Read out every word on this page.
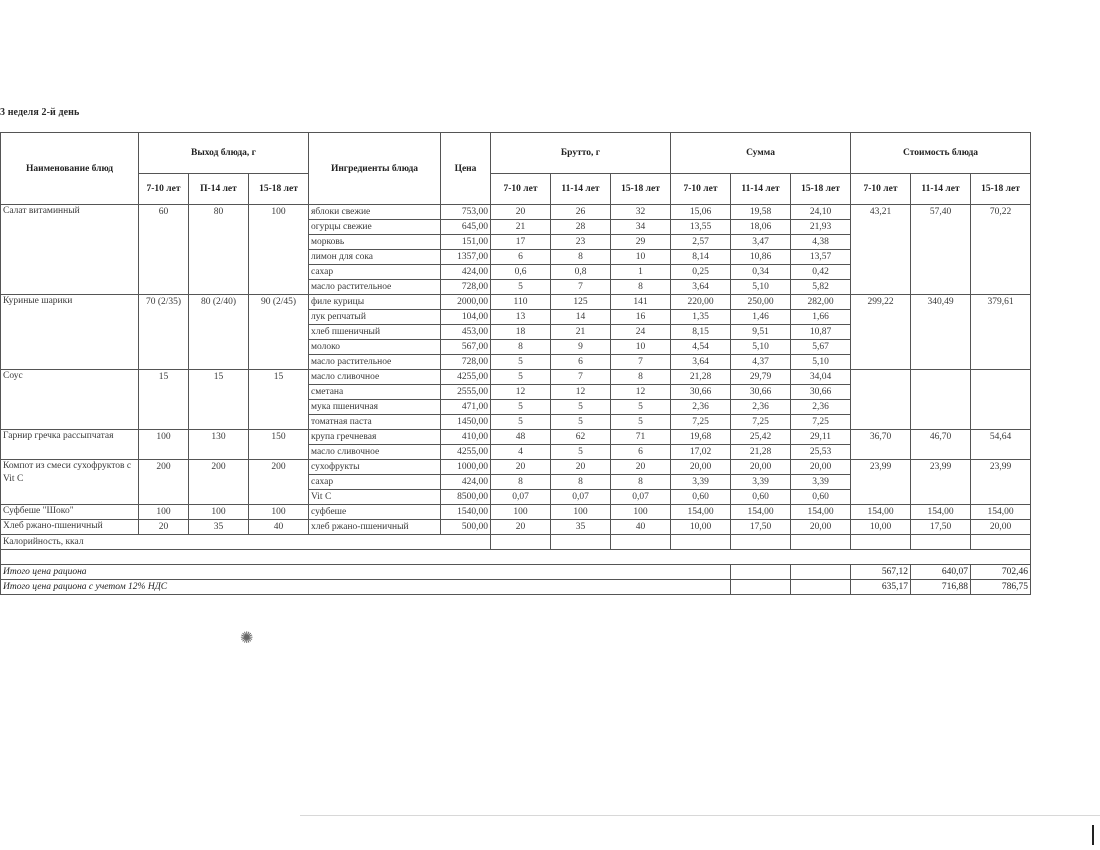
3 неделя 2-й день
Наименование блюд	Выход блюда, г			Ингредиенты блюда	Цена	Брутто, г			Сумма			Стоимость блюда		
	7-10 лет	П-14 лет	15-18 лет			7-10 лет	11-14 лет	15-18 лет	7-10 лет	11-14 лет	15-18 лет	7-10 лет	11-14 лет	15-18 лет
Салат витаминный	60	80	100	яблоки свежие	753,00	20	26	32	15,06	19,58	24,10	43,21	57,40	70,22
				огурцы свежие	645,00	21	28	34	13,55	18,06	21,93			
				морковь	151,00	17	23	29	2,57	3,47	4,38			
				лимон для сока	1357,00	6	8	10	8,14	10,86	13,57			
				сахар	424,00	0,6	0,8	1	0,25	0,34	0,42			
				масло растительное	728,00	5	7	8	3,64	5,10	5,82			
Куриные шарики	70 (2/35)	80 (2/40)	90 (2/45)	филе курицы	2000,00	110	125	141	220,00	250,00	282,00	299,22	340,49	379,61
				лук репчатый	104,00	13	14	16	1,35	1,46	1,66			
				хлеб пшеничный	453,00	18	21	24	8,15	9,51	10,87			
				молоко	567,00	8	9	10	4,54	5,10	5,67			
				масло растительное	728,00	5	6	7	3,64	4,37	5,10			
Соус	15	15	15	масло сливочное	4255,00	5	7	8	21,28	29,79	34,04			
				сметана	2555,00	12	12	12	30,66	30,66	30,66			
				мука пшеничная	471,00	5	5	5	2,36	2,36	2,36			
				томатная паста	1450,00	5	5	5	7,25	7,25	7,25			
Гарнир гречка рассыпчатая	100	130	150	крупа гречневая	410,00	48	62	71	19,68	25,42	29,11	36,70	46,70	54,64
				масло сливочное	4255,00	4	5	6	17,02	21,28	25,53			
Компот из смеси сухофруктов с Vit C	200	200	200	сухофрукты	1000,00	20	20	20	20,00	20,00	20,00	23,99	23,99	23,99
				сахар	424,00	8	8	8	3,39	3,39	3,39			
				Vit C	8500,00	0,07	0,07	0,07	0,60	0,60	0,60			
Суфбеше "Шоко"	100	100	100	суфбеше	1540,00	100	100	100	154,00	154,00	154,00	154,00	154,00	154,00
Хлеб ржано-пшеничный	20	35	40	хлеб ржано-пшеничный	500,00	20	35	40	10,00	17,50	20,00	10,00	17,50	20,00
Калорийность, ккал														

Итого цена рациона												567,12	640,07	702,46
Итого цена рациона с учетом 12% НДС												635,17	716,88	786,75
✺
